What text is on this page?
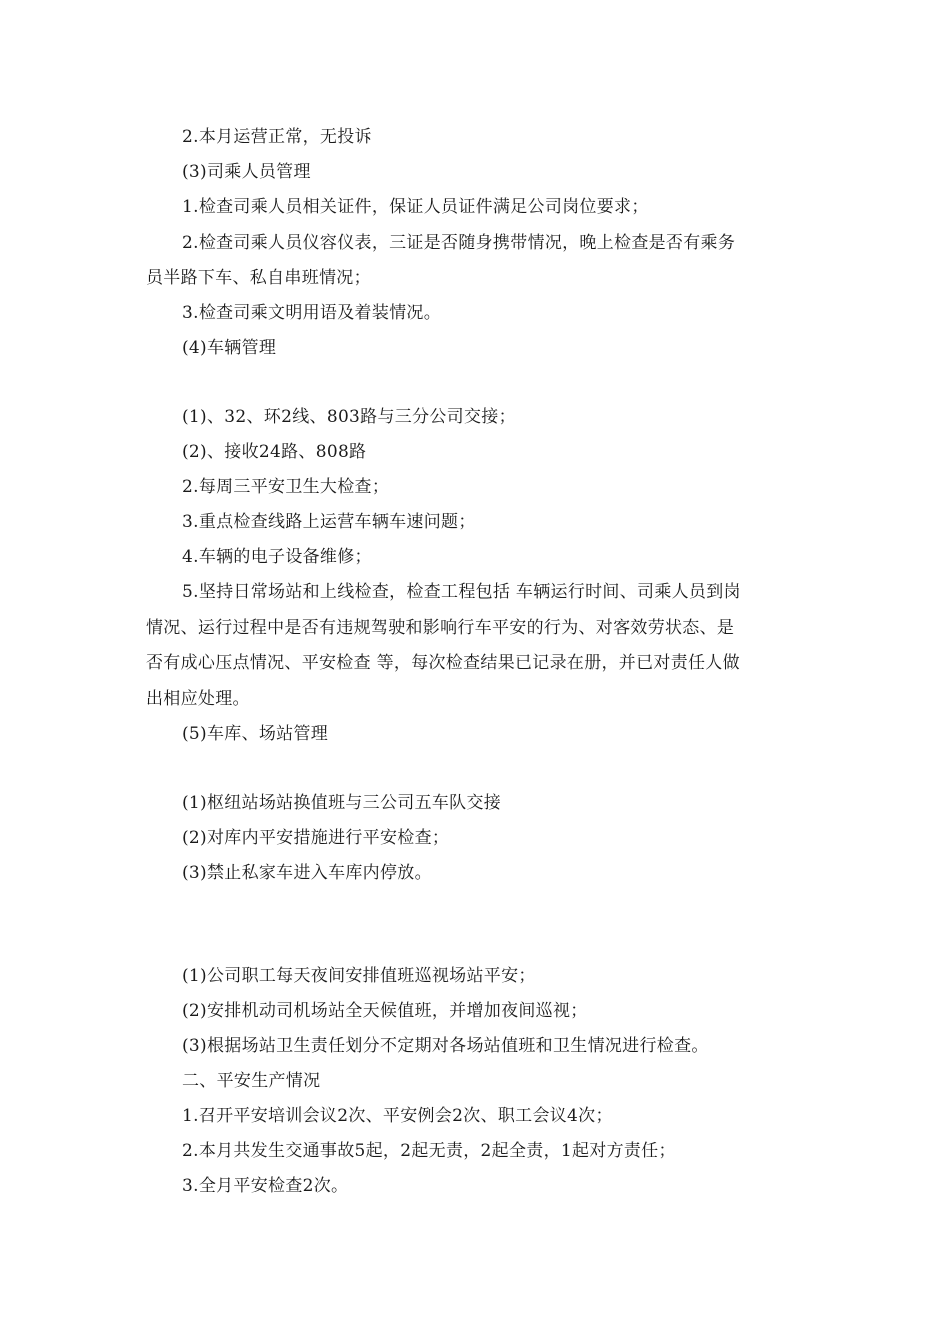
2.本月运营正常，无投诉
(3)司乘人员管理
1.检查司乘人员相关证件，保证人员证件满足公司岗位要求；
2.检查司乘人员仪容仪表，三证是否随身携带情况，晚上检查是否有乘务
员半路下车、私自串班情况；
3.检查司乘文明用语及着装情况。
(4)车辆管理
(1)、32、环2线、803路与三分公司交接；
(2)、接收24路、808路
2.每周三平安卫生大检查；
3.重点检查线路上运营车辆车速问题；
4.车辆的电子设备维修；
5.坚持日常场站和上线检查，检查工程包括 车辆运行时间、司乘人员到岗
情况、运行过程中是否有违规驾驶和影响行车平安的行为、对客效劳状态、是
否有成心压点情况、平安检查 等，每次检查结果已记录在册，并已对责任人做
出相应处理。
(5)车库、场站管理
(1)枢纽站场站换值班与三公司五车队交接
(2)对库内平安措施进行平安检查；
(3)禁止私家车进入车库内停放。
(1)公司职工每天夜间安排值班巡视场站平安；
(2)安排机动司机场站全天候值班，并增加夜间巡视；
(3)根据场站卫生责任划分不定期对各场站值班和卫生情况进行检查。
二、平安生产情况
1.召开平安培训会议2次、平安例会2次、职工会议4次；
2.本月共发生交通事故5起，2起无责，2起全责，1起对方责任；
3.全月平安检查2次。
